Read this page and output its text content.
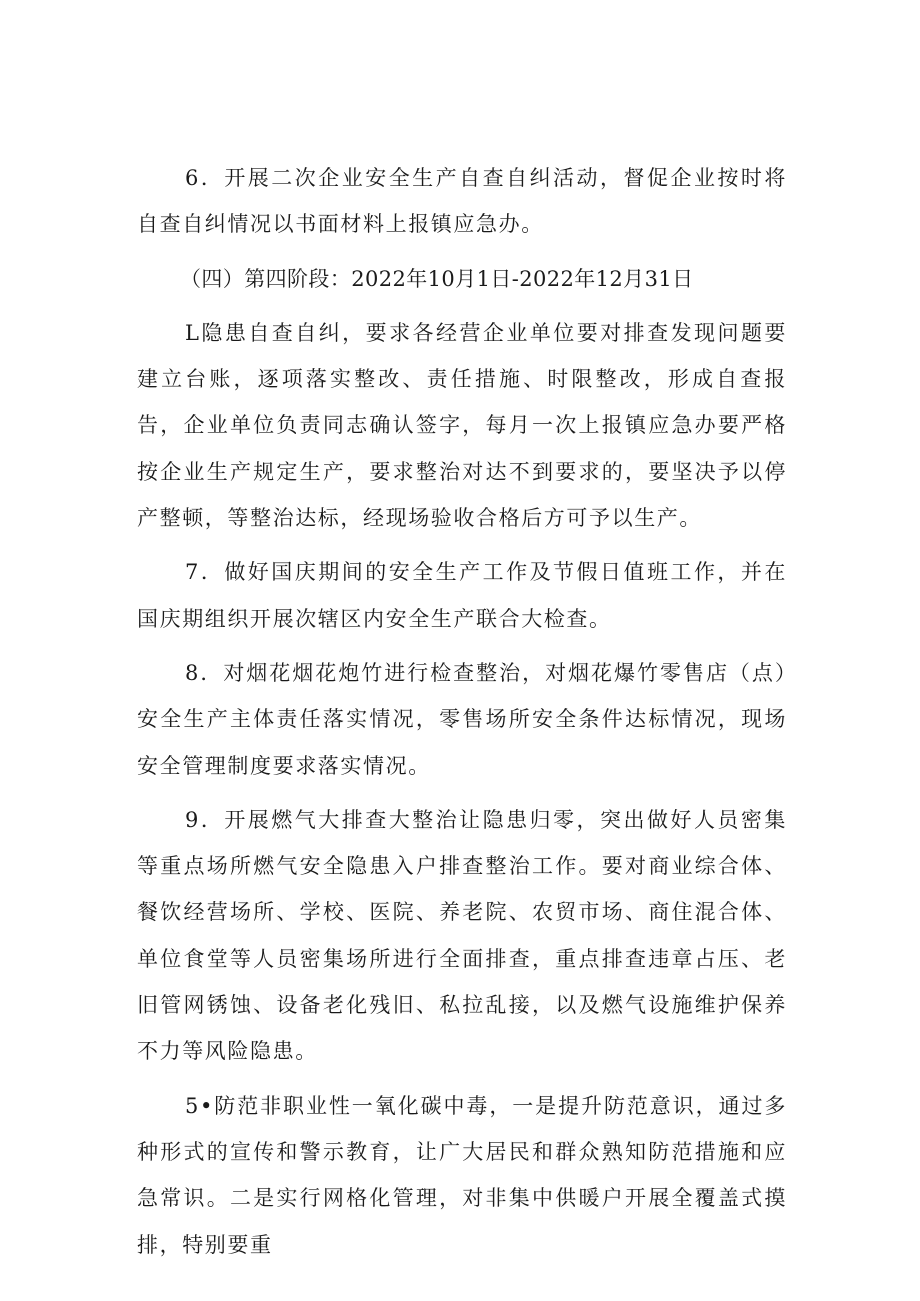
6．开展二次企业安全生产自查自纠活动，督促企业按时将自查自纠情况以书面材料上报镇应急办。

（四）第四阶段：2022年10月1日-2022年12月31日

L隐患自查自纠，要求各经营企业单位要对排查发现问题要建立台账，逐项落实整改、责任措施、时限整改，形成自查报告，企业单位负责同志确认签字，每月一次上报镇应急办要严格按企业生产规定生产，要求整治对达不到要求的，要坚决予以停产整顿，等整治达标，经现场验收合格后方可予以生产。

7．做好国庆期间的安全生产工作及节假日值班工作，并在国庆期组织开展次辖区内安全生产联合大检查。

8．对烟花烟花炮竹进行检查整治，对烟花爆竹零售店（点）安全生产主体责任落实情况，零售场所安全条件达标情况，现场安全管理制度要求落实情况。

9．开展燃气大排查大整治让隐患归零，突出做好人员密集等重点场所燃气安全隐患入户排查整治工作。要对商业综合体、餐饮经营场所、学校、医院、养老院、农贸市场、商住混合体、单位食堂等人员密集场所进行全面排查，重点排查违章占压、老旧管网锈蚀、设备老化残旧、私拉乱接，以及燃气设施维护保养不力等风险隐患。

5•防范非职业性一氧化碳中毒，一是提升防范意识，通过多种形式的宣传和警示教育，让广大居民和群众熟知防范措施和应急常识。二是实行网格化管理，对非集中供暖户开展全覆盖式摸排，特别要重
